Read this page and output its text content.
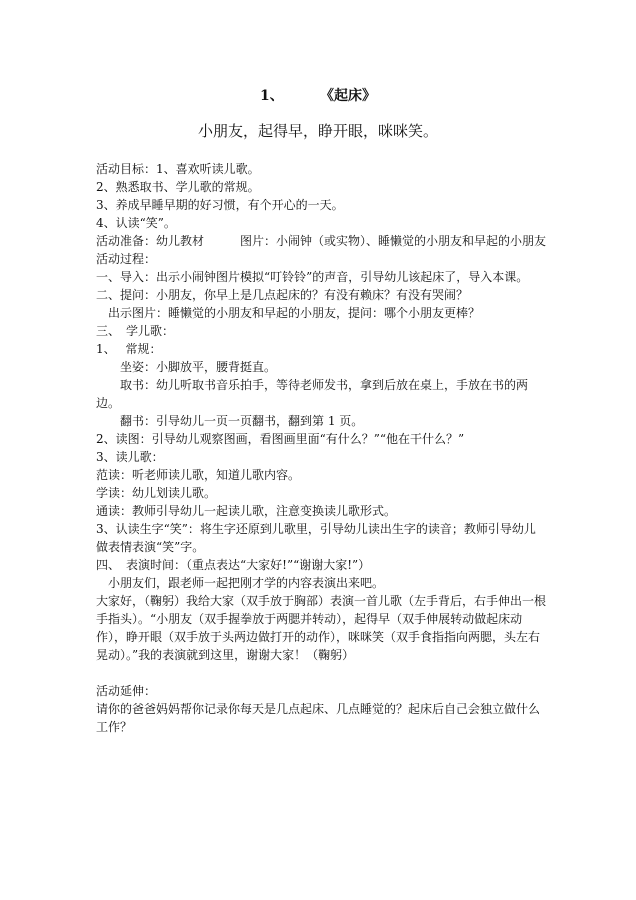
1、	《起床》
小朋友，起得早，睁开眼，咪咪笑。
活动目标：1、喜欢听读儿歌。
2、熟悉取书、学儿歌的常规。
3、养成早睡早期的好习惯，有个开心的一天。
4、认读“笑”。
活动准备：幼儿教材　　　图片：小闹钟（或实物）、睡懒觉的小朋友和早起的小朋友
活动过程：
一、导入：出示小闹钟图片模拟“叮铃铃”的声音，引导幼儿该起床了，导入本课。
二、提问：小朋友，你早上是几点起床的？有没有赖床？有没有哭闹？
　出示图片：睡懒觉的小朋友和早起的小朋友，提问：哪个小朋友更棒？
三、　学儿歌：
1、　 常规：
　　坐姿：小脚放平，腰背挺直。
　　取书：幼儿听取书音乐拍手，等待老师发书，拿到后放在桌上，手放在书的两边。
　　翻书：引导幼儿一页一页翻书，翻到第 1 页。
2、读图：引导幼儿观察图画，看图画里面“有什么？”“他在干什么？”
3、读儿歌：
范读：听老师读儿歌，知道儿歌内容。
学读：幼儿划读儿歌。
通读：教师引导幼儿一起读儿歌，注意变换读儿歌形式。
3、认读生字“笑”：将生字还原到儿歌里，引导幼儿读出生字的读音；教师引导幼儿做表情表演“笑”字。
四、　表演时间：（重点表达“大家好!”“谢谢大家!”）
　小朋友们，跟老师一起把刚才学的内容表演出来吧。
大家好，（鞠躬）我给大家（双手放于胸部）表演一首儿歌（左手背后，右手伸出一根手指头）。“小朋友（双手握拳放于两腮并转动），起得早（双手伸展转动做起床动作），睁开眼（双手放于头两边做打开的动作），咪咪笑（双手食指指向两腮，头左右晃动）。”我的表演就到这里，谢谢大家！（鞠躬）
活动延伸：
请你的爸爸妈妈帮你记录你每天是几点起床、几点睡觉的？起床后自己会独立做什么工作？
